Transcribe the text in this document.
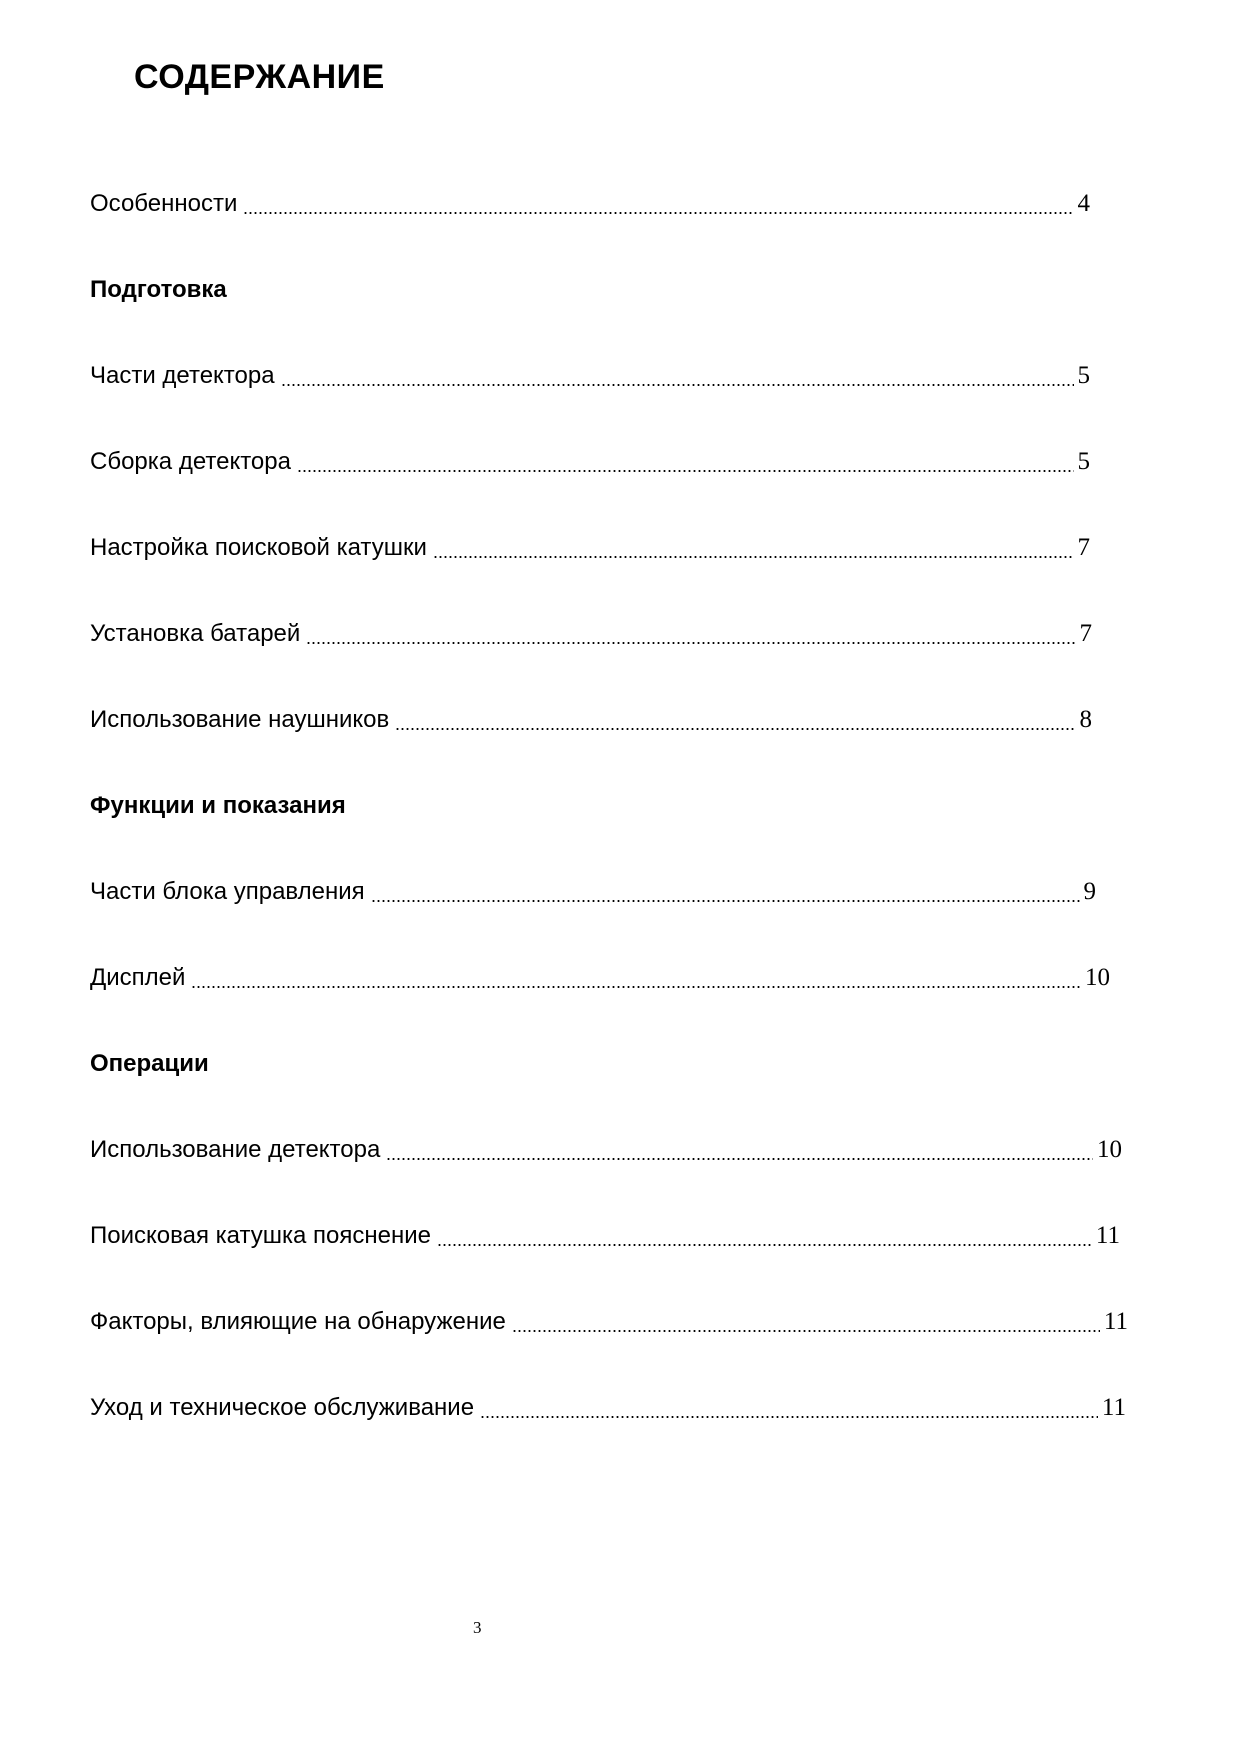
СОДЕРЖАНИЕ
Особенности	4
Подготовка
Части детектора	5
Сборка детектора	5
Настройка поисковой катушки	7
Установка батарей	7
Использование наушников	8
Функции и показания
Части блока управления	9
Дисплей	10
Операции
Использование детектора	10
Поисковая катушка пояснение	11
Факторы, влияющие на обнаружение	11
Уход и техническое обслуживание	11
3
